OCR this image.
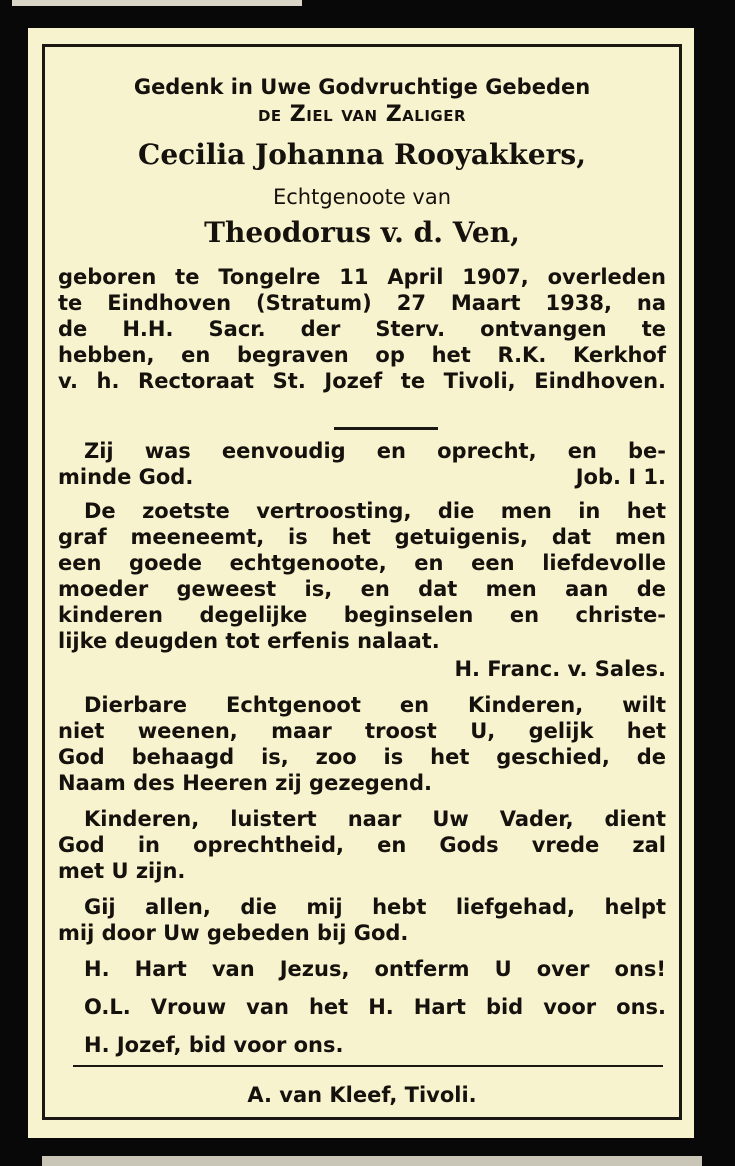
Gedenk in Uwe Godvruchtige Gebeden
de Ziel van Zaliger
Cecilia Johanna Rooyakkers,
Echtgenoote van
Theodorus v. d. Ven,
geboren te Tongelre 11 April 1907, overleden
te Eindhoven (Stratum) 27 Maart 1938, na
de H.H. Sacr. der Sterv. ontvangen te
hebben, en begraven op het R.K. Kerkhof
v. h. Rectoraat St. Jozef te Tivoli, Eindhoven.
Zij was eenvoudig en oprecht, en be-
minde God.	Job. I 1.
De zoetste vertroosting, die men in het
graf meeneemt, is het getuigenis, dat men
een goede echtgenoote, en een liefdevolle
moeder geweest is, en dat men aan de
kinderen degelijke beginselen en christe-
lijke deugden tot erfenis nalaat.
H. Franc. v. Sales.
Dierbare Echtgenoot en Kinderen, wilt
niet weenen, maar troost U, gelijk het
God behaagd is, zoo is het geschied, de
Naam des Heeren zij gezegend.
Kinderen, luistert naar Uw Vader, dient
God in oprechtheid, en Gods vrede zal
met U zijn.
Gij allen, die mij hebt liefgehad, helpt
mij door Uw gebeden bij God.
H. Hart van Jezus, ontferm U over ons!
O.L. Vrouw van het H. Hart bid voor ons.
H. Jozef, bid voor ons.
A. van Kleef, Tivoli.
